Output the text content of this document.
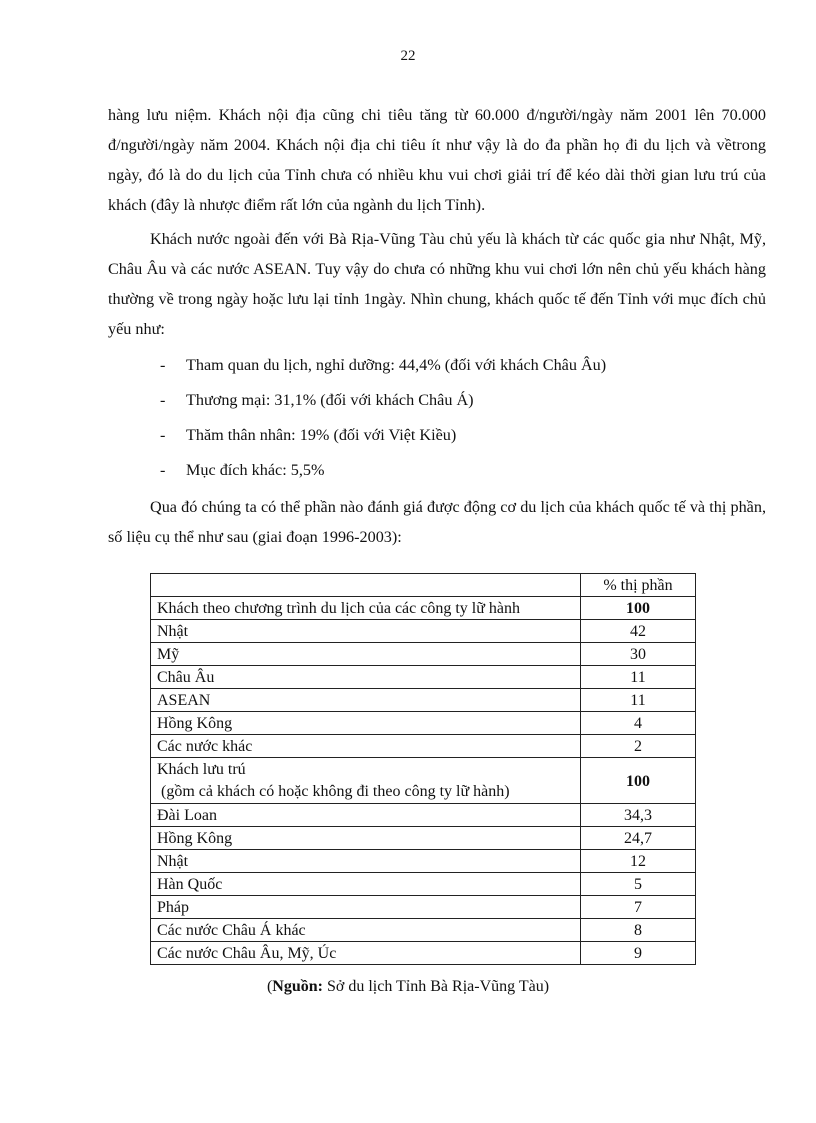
22

hàng lưu niệm. Khách nội địa cũng chi tiêu tăng từ 60.000 đ/người/ngày năm 2001 lên 70.000 đ/người/ngày năm 2004. Khách nội địa chi tiêu ít như vậy là do đa phần họ đi du lịch và vềtrong ngày, đó là do du lịch của Tỉnh chưa có nhiều khu vui chơi giải trí để kéo dài thời gian lưu trú của khách (đây là nhược điểm rất lớn của ngành du lịch Tỉnh).

Khách nước ngoài đến với Bà Rịa-Vũng Tàu chủ yếu là khách từ các quốc gia như Nhật, Mỹ, Châu Âu và các nước ASEAN. Tuy vậy do chưa có những khu vui chơi lớn nên chủ yếu khách hàng thường về trong ngày hoặc lưu lại tỉnh 1ngày. Nhìn chung, khách quốc tế đến Tỉnh với mục đích chủ yếu như:

- Tham quan du lịch, nghỉ dưỡng: 44,4% (đối với khách Châu Âu)
- Thương mại: 31,1% (đối với khách Châu Á)
- Thăm thân nhân: 19% (đối với Việt Kiều)
- Mục đích khác: 5,5%

Qua đó chúng ta có thể phần nào đánh giá được động cơ du lịch của khách quốc tế và thị phần, số liệu cụ thể như sau (giai đoạn 1996-2003):

	% thị phần
Khách theo chương trình du lịch của các công ty lữ hành	100
Nhật	42
Mỹ	30
Châu Âu	11
ASEAN	11
Hồng Kông	4
Các nước khác	2

Khách lưu trú
(gồm cả khách có hoặc không đi theo công ty lữ hành)	100
Đài Loan	34,3
Hồng Kông	24,7
Nhật	12
Hàn Quốc	5
Pháp	7
Các nước Châu Á khác	8
Các nước Châu Âu, Mỹ, Úc	9
(Nguồn: Sở du lịch Tỉnh Bà Rịa-Vũng Tàu)
